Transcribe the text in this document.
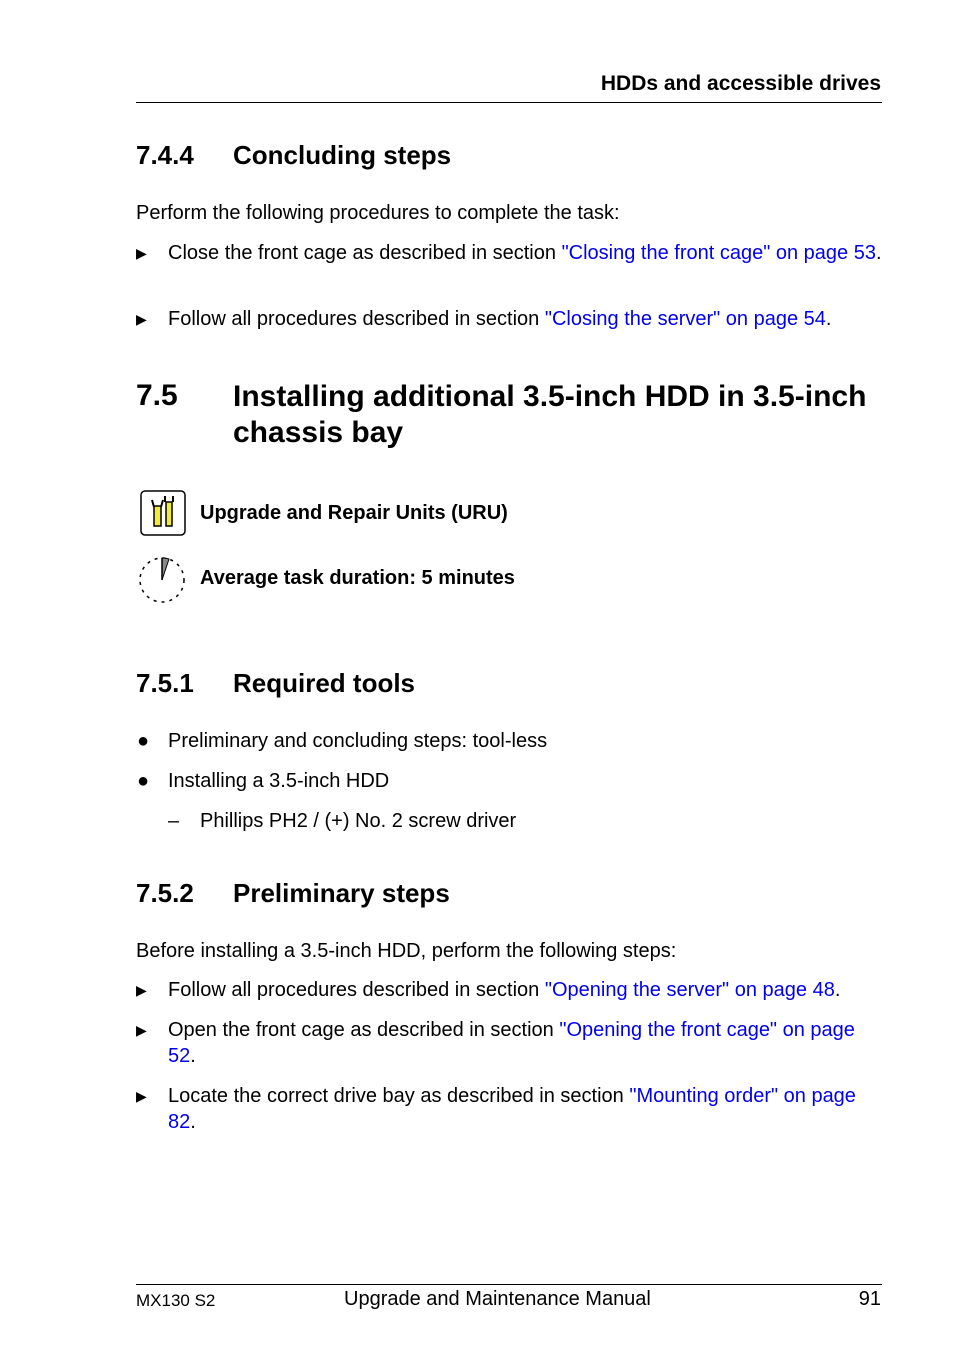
HDDs and accessible drives
7.4.4 Concluding steps
Perform the following procedures to complete the task:
▶ Close the front cage as described in section "Closing the front cage" on page 53.
▶ Follow all procedures described in section "Closing the server" on page 54.
7.5 Installing additional 3.5-inch HDD in 3.5-inch chassis bay
Upgrade and Repair Units (URU)
Average task duration: 5 minutes
7.5.1 Required tools
● Preliminary and concluding steps: tool-less
● Installing a 3.5-inch HDD
– Phillips PH2 / (+) No. 2 screw driver
7.5.2 Preliminary steps
Before installing a 3.5-inch HDD, perform the following steps:
▶ Follow all procedures described in section "Opening the server" on page 48.
▶ Open the front cage as described in section "Opening the front cage" on page 52.
▶ Locate the correct drive bay as described in section "Mounting order" on page 82.
MX130 S2	Upgrade and Maintenance Manual	91
